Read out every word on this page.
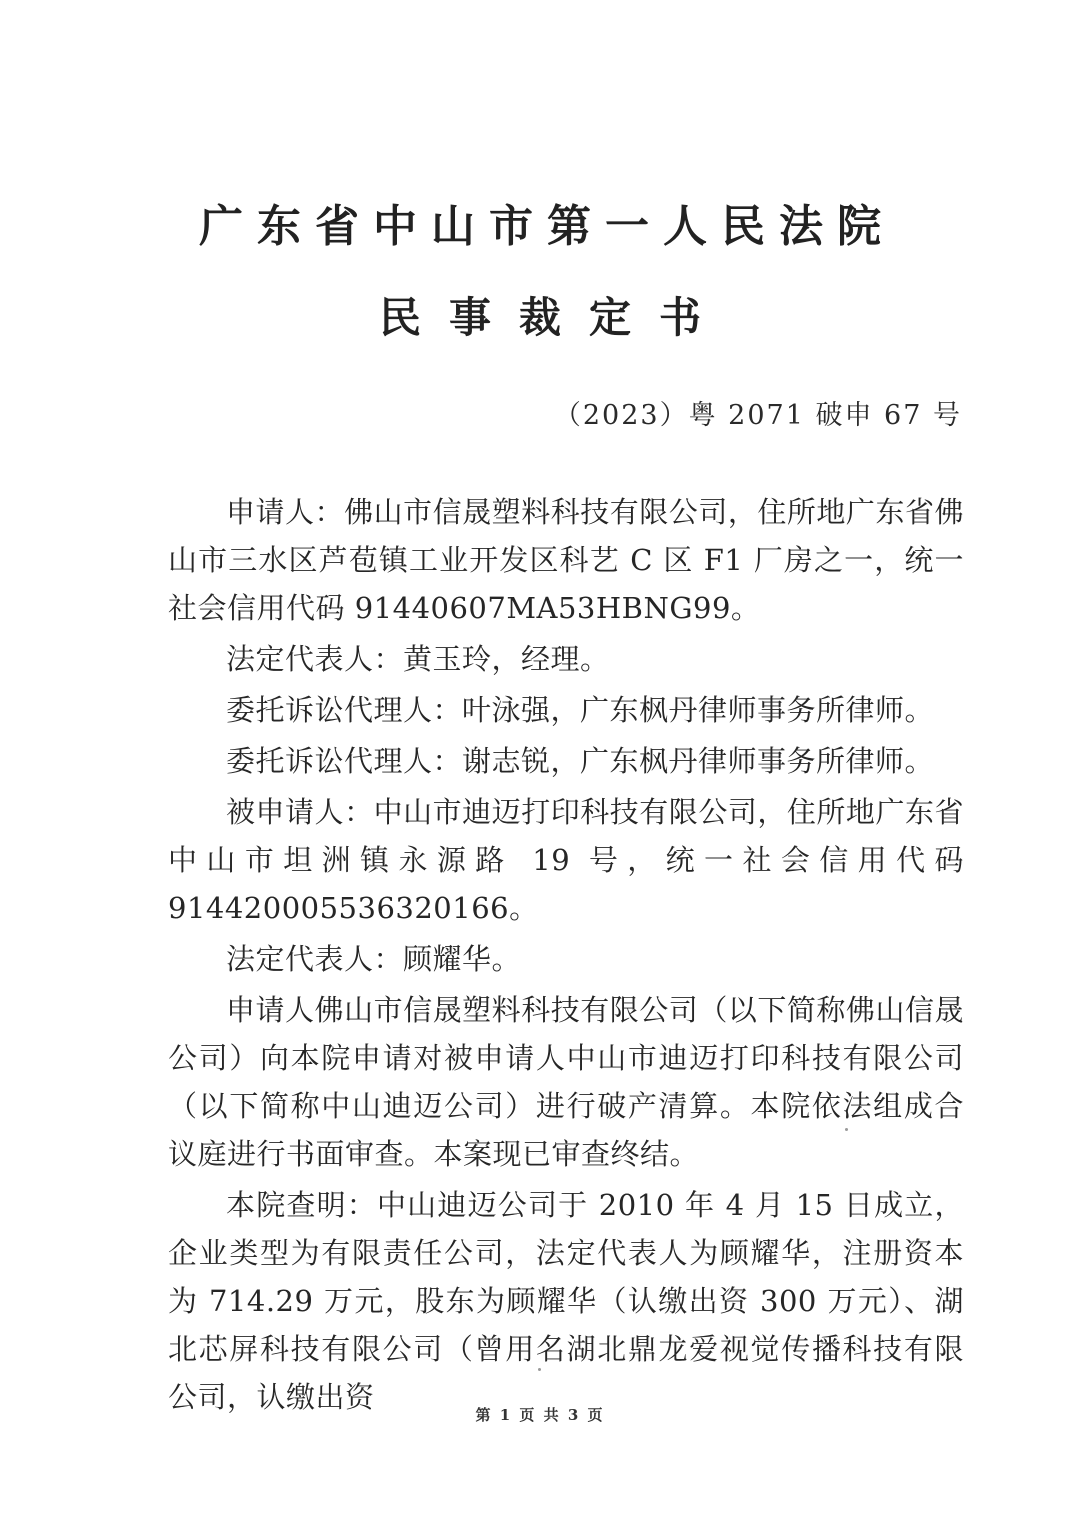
广东省中山市第一人民法院
民事裁定书
（2023）粤 2071 破申 67 号

申请人：佛山市信晟塑料科技有限公司，住所地广东省佛山市三水区芦苞镇工业开发区科艺 C 区 F1 厂房之一，统一社会信用代码 91440607MA53HBNG99。

法定代表人：黄玉玲，经理。

委托诉讼代理人：叶泳强，广东枫丹律师事务所律师。

委托诉讼代理人：谢志锐，广东枫丹律师事务所律师。

被申请人：中山市迪迈打印科技有限公司，住所地广东省中山市坦洲镇永源路 19 号，统一社会信用代码 914420005536320166。

法定代表人：顾耀华。

申请人佛山市信晟塑料科技有限公司（以下简称佛山信晟公司）向本院申请对被申请人中山市迪迈打印科技有限公司（以下简称中山迪迈公司）进行破产清算。本院依法组成合议庭进行书面审查。本案现已审查终结。

本院查明：中山迪迈公司于 2010 年 4 月 15 日成立，企业类型为有限责任公司，法定代表人为顾耀华，注册资本为 714.29 万元，股东为顾耀华（认缴出资 300 万元）、湖北芯屏科技有限公司（曾用名湖北鼎龙爱视觉传播科技有限公司，认缴出资

第 1 页 共 3 页
